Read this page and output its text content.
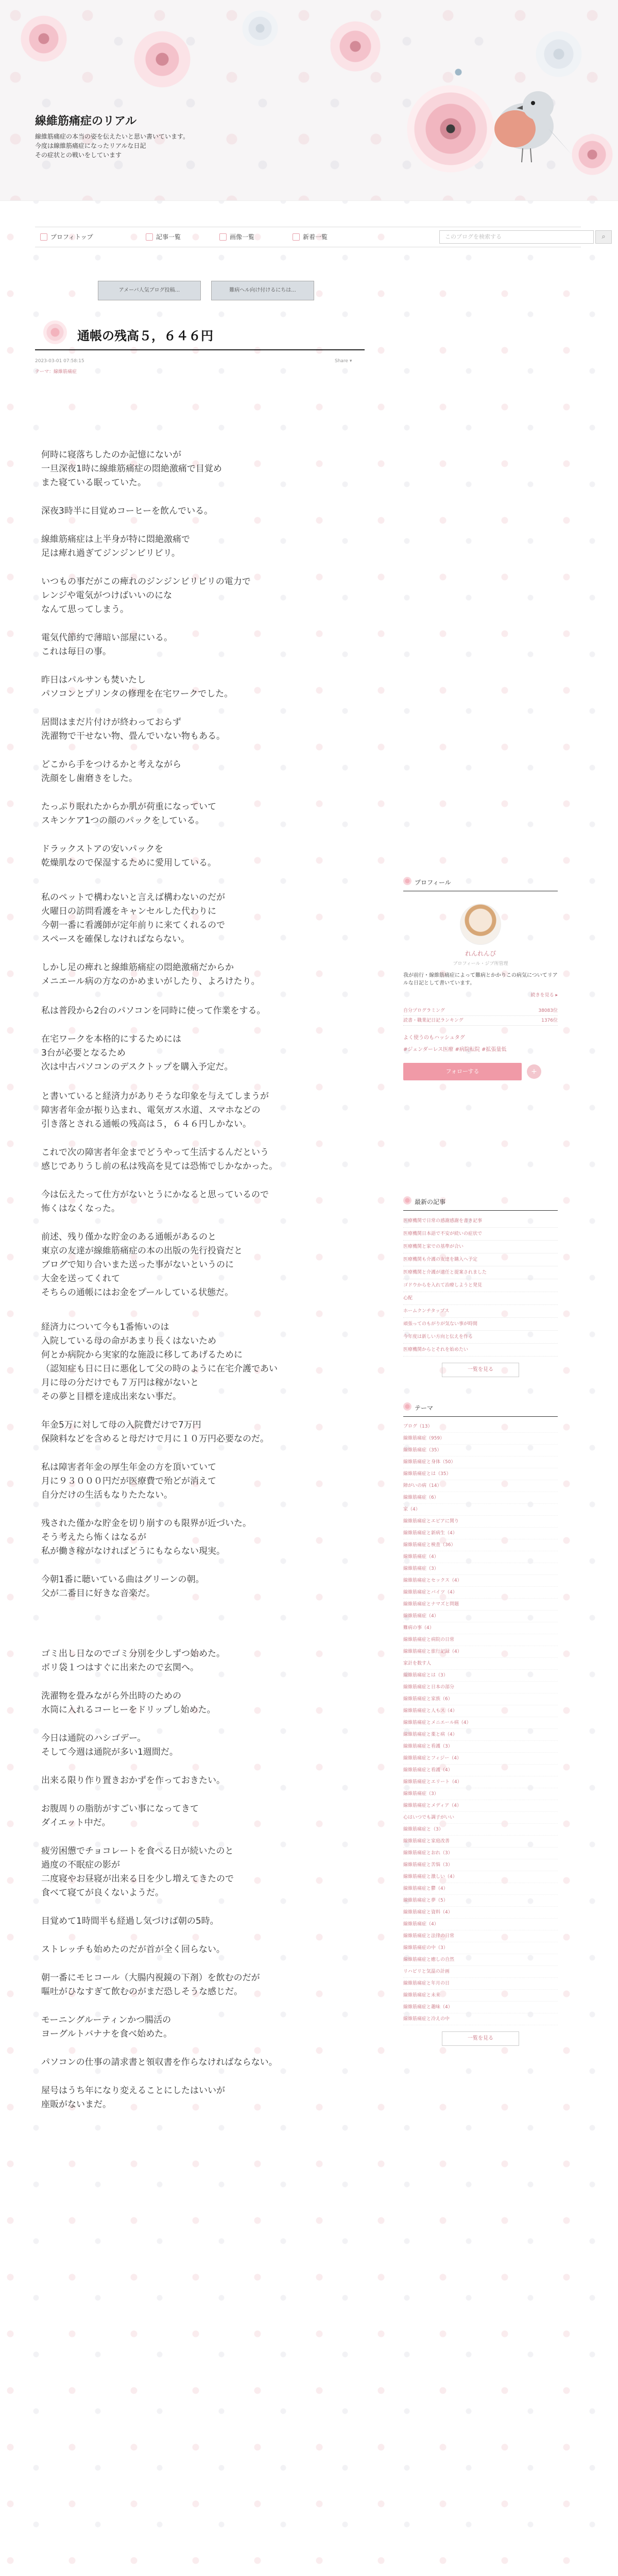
線維筋痛症のリアル
線維筋痛症の本当の姿を伝えたいと思い書いています。
今度は線維筋痛症になったリアルな日記
その症状との戦いをしています
プロフィトップ	記事一覧	画像一覧	新着一覧
このブログを検索する	⌕
アメーバ人気ブログ投稿...	難病ヘル向け付けるにちは...
通帳の残高５，６４６円
2023-03-01 07:58:15
テーマ：線維筋痛症
Share ▾
何時に寝落ちしたのか記憶にないが
一旦深夜1時に線維筋痛症の悶絶激痛で目覚め
また寝ている眠っていた。
深夜3時半に目覚めコーヒーを飲んでいる。
線維筋痛症は上半身が特に悶絶激痛で
足は痺れ過ぎてジンジンビリビリ。
いつもの事だがこの痺れのジンジンビリビリの電力で
レンジや電気がつけばいいのにな
なんて思ってしまう。
電気代節約で薄暗い部屋にいる。
これは毎日の事。
昨日はパルサンも焚いたし
パソコンとプリンタの修理を在宅ワークでした。
居間はまだ片付けが終わっておらず
洗濯物で干せない物、畳んでいない物もある。
どこから手をつけるかと考えながら
洗顔をし歯磨きをした。
たっぷり眠れたからか肌が荷重になっていて
スキンケア1つの顔のパックをしている。
ドラックストアの安いパックを
乾燥肌なので保湿するために愛用している。
私のペットで構わないと言えば構わないのだが
火曜日の訪問看護をキャンセルした代わりに
今朝一番に看護師が定年前りに来てくれるので
スペースを確保しなければならない。
しかし足の痺れと線維筋痛症の悶絶激痛だからか
メニエール病の方なのかめまいがしたり、よろけたり。
私は普段から2台のパソコンを同時に使って作業をする。
在宅ワークを本格的にするためには
3台が必要となるため
次は中古パソコンのデスクトップを購入予定だ。
と書いていると経済力がありそうな印象を与えてしまうが
障害者年金が振り込まれ、電気ガス水道、スマホなどの
引き落とされる通帳の残高は５，６４６円しかない。
これで次の障害者年金までどうやって生活するんだという
感じでありうし前の私は残高を見ては恐怖でしかなかった。
今は伝えたって仕方がないとうにかなると思っているので
怖くはなくなった。
前述、残り僅かな貯金のある通帳があるのと
東京の友達が線維筋痛症の本の出版の先行投資だと
ブログで知り合いまた送った事がないというのに
大金を送ってくれて
そちらの通帳にはお金をプールしている状態だ。
経済力について今も1番怖いのは
入院している母の命があまり長くはないため
何とか病院から実家的な施設に移してあげるために
（認知症も日に日に悪化して父の時のように在宅介護であい
月に母の分だけでも７万円は稼がないと
その夢と目標を達成出来ない事だ。
年金5万に対して母の入院費だけで7万円
保険料などを含めると母だけで月に１０万円必要なのだ。
私は障害者年金の厚生年金の方を頂いていて
月に９３０００円だが医療費で殆どが消えて
自分だけの生活もなりたたない。
残された僅かな貯金を切り崩すのも限界が近づいた。
そう考えたら怖くはなるが
私が働き稼がなければどうにもならない現実。
今朝1番に聴いている曲はグリーンの朝。
父が二番目に好きな音楽だ。
ゴミ出し日なのでゴミ分別を少しずつ始めた。
ボリ袋１つはすぐに出来たので玄関へ。
洗濯物を畳みながら外出時のための
水筒に入れるコーヒーをドリップし始めた。
今日は通院のハシゴデー。
そして今週は通院が多い1週間だ。
出来る限り作り置きおかずを作っておきたい。
お腹周りの脂肪がすごい事になってきて
ダイエット中だ。
疲労困憊でチョコレートを食べる日が続いたのと
過度の不眠症の影が
二度寝やお昼寝が出来る日を少し増えてきたので
食べて寝てが良くないようだ。
目覚めて1時間半も経過し気づけば朝の5時。
ストレッチも始めたのだが首が全く回らない。
朝一番にモヒコール（大腸内視鏡の下剤）を飲むのだが
嘔吐がひなすぎて飲むのがまだ恐しそうな感じだ。
モーニングルーティンかつ腸活の
ヨーグルトバナナを食べ始めた。
パソコンの仕事の請求書と領収書を作らなければならない。
屋号はうち年になり変えることにしたはいいが
座販がないまだ。
プロフィール
れんれんぴ
ブロフィール・ジブ所管理
我が前行・線維筋痛症によって難病とかかりこの病気についてリアルな日記として書いています。
続きを見る ▸
自分プログラミング	38083位
読書・職業記日記ランキング	1376位
よく使うのもハッシュタグ
#ジェンダーレス医療 #病院転院 #拡張量低
フォローする	+
最新の記事
医療機関で日常の感謝感謝を書き記事
医療機関日本語で不安が続いの症状で
医療機関と家での基準が合い
医療機関も介護の友達を購入へ予定
医療機関と介護が適任と提案されました
ゴドウからを入れて治療しようと発見
心配
ホームクンチタップス
頑張ってのもがりが気ない事が時間
今年度は新しい方向と伝えを作る
医療機関からとそれを始めたい
一覧を見る
テーマ
ブログ（13）
線維筋痛症（959）
線維筋痛症（35）
線維筋痛症と身体（50）
線維筋痛症とは（35）
障がいの病（14）
線維筋痛症（6）
家（4）
線維筋痛症とエピアに関り
線維筋痛症と新病生（4）
線維筋痛症と検査（36）
線維筋痛症（4）
線維筋痛症（3）
線維筋痛症とセックス（4）
線維筋痛症とバイツ（4）
線維筋痛症とナマズと問題
線維筋痛症（4）
難病の事（4）
線維筋痛症と病院の日常
線維筋痛症と旅行記録（4）
家計を数す人
線維筋痛症とは（3）
線維筋痛症と日本の部分
線維筋痛症と家族（6）
線維筋痛症と人もス（4）
線維筋痛症とメニエール病（4）
線維筋痛症と薬と病（4）
線維筋痛症と看護（3）
線維筋痛症とフィジー（4）
線維筋痛症と看護（4）
線維筋痛症とエリート（4）
線維筋痛症（3）
線維筋痛症とメディア（4）
心はいつでも調子がいい
線維筋痛症と（3）
線維筋痛症と家庭改善
線維筋痛症とおれ（3）
線維筋痛症と苦悩（3）
線維筋痛症と激しい（4）
線維筋痛症と鬱（4）
線維筋痛症と夢（5）
線維筋痛症と資料（4）
線維筋痛症（4）
線維筋痛症と法律の日常
線維筋痛症の中（3）
線維筋痛症と癒しの自然
リハビリと気温の計画
線維筋痛症と年月の日
線維筋痛症と未来
線維筋痛症と趣味（4）
線維筋痛症と冷えの中
一覧を見る
